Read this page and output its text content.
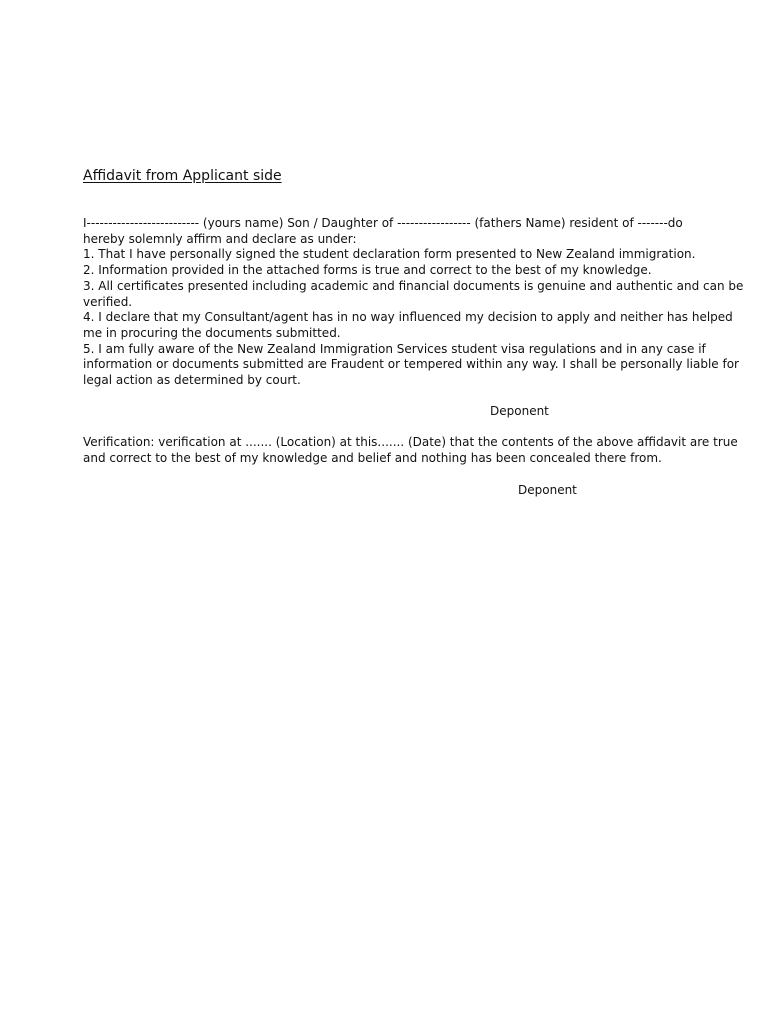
Affidavit from Applicant side
I-------------------------- (yours name) Son / Daughter of ----------------- (fathers Name) resident of -------do
hereby solemnly affirm and declare as under:
1. That I have personally signed the student declaration form presented to New Zealand immigration.
2. Information provided in the attached forms is true and correct to the best of my knowledge.
3. All certificates presented including academic and financial documents is genuine and authentic and can be
verified.
4. I declare that my Consultant/agent has in no way influenced my decision to apply and neither has helped
me in procuring the documents submitted.
5. I am fully aware of the New Zealand Immigration Services student visa regulations and in any case if
information or documents submitted are Fraudent or tempered within any way. I shall be personally liable for
legal action as determined by court.
Deponent
Verification: verification at ....... (Location) at this....... (Date) that the contents of the above affidavit are true
and correct to the best of my knowledge and belief and nothing has been concealed there from.
Deponent
